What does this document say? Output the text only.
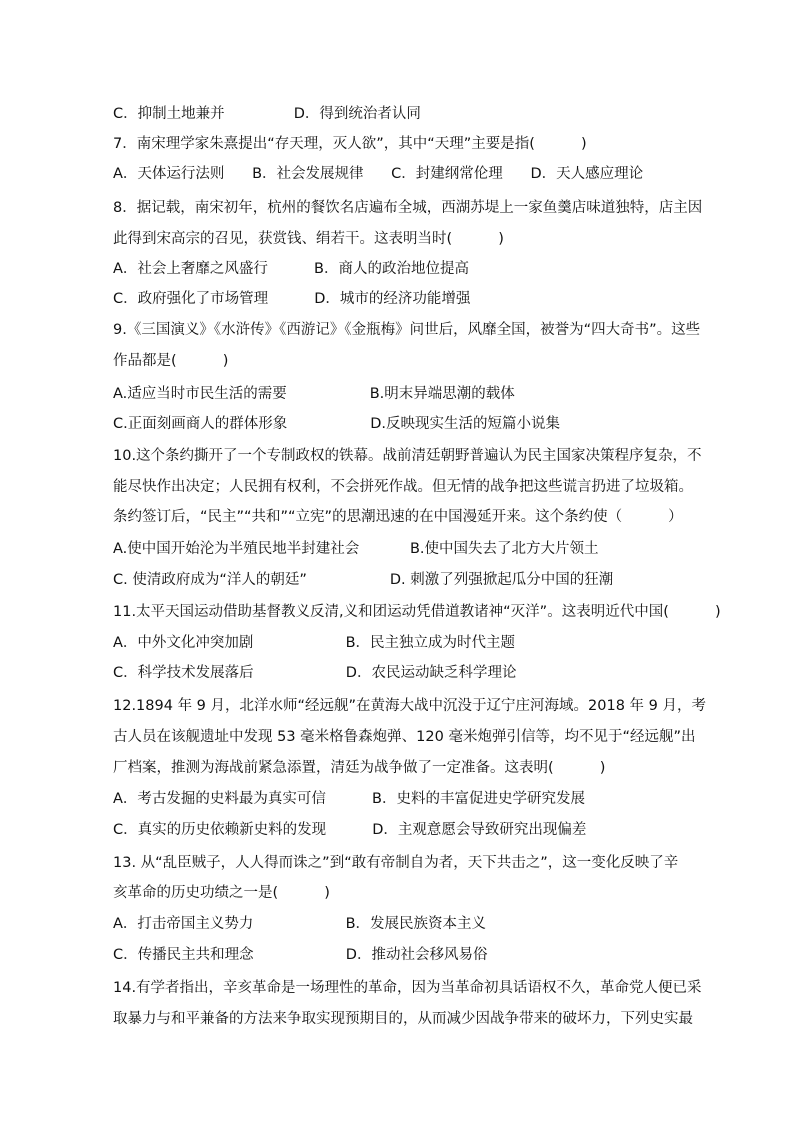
C．抑制土地兼并               D．得到统治者认同
7．南宋理学家朱熹提出“存天理，灭人欲”，其中“天理”主要是指(          )
A．天体运行法则      B．社会发展规律      C．封建纲常伦理      D．天人感应理论
8．据记载，南宋初年，杭州的餐饮名店遍布全城，西湖苏堤上一家鱼羹店味道独特，店主因
此得到宋高宗的召见，获赏钱、绢若干。这表明当时(          )
A．社会上奢靡之风盛行          B．商人的政治地位提高
C．政府强化了市场管理          D．城市的经济功能增强
9.《三国演义》《水浒传》《西游记》《金瓶梅》问世后，风靡全国，被誉为“四大奇书”。这些
作品都是(          )
A.适应当时市民生活的需要                  B.明末异端思潮的载体
C.正面刻画商人的群体形象                  D.反映现实生活的短篇小说集
10.这个条约撕开了一个专制政权的铁幕。战前清廷朝野普遍认为民主国家决策程序复杂，不
能尽快作出决定；人民拥有权利，不会拼死作战。但无情的战争把这些谎言扔进了垃圾箱。
条约签订后，“民主”“共和”“立宪”的思潮迅速的在中国漫延开来。这个条约使（          ）
A.使中国开始沦为半殖民地半封建社会           B.使中国失去了北方大片领土
C. 使清政府成为“洋人的朝廷”                  D. 刺激了列强掀起瓜分中国的狂潮
11.太平天国运动借助基督教义反清,义和团运动凭借道教诸神“灭洋”。这表明近代中国(          )
A．中外文化冲突加剧                    B．民主独立成为时代主题
C．科学技术发展落后                    D．农民运动缺乏科学理论
12.1894 年 9 月，北洋水师“经远舰”在黄海大战中沉没于辽宁庄河海域。2018 年 9 月，考
古人员在该舰遗址中发现 53 毫米格鲁森炮弹、120 毫米炮弹引信等，均不见于“经远舰”出
厂档案，推测为海战前紧急添置，清廷为战争做了一定准备。这表明(          )
A．考古发掘的史料最为真实可信          B．史料的丰富促进史学研究发展
C．真实的历史依赖新史料的发现          D．主观意愿会导致研究出现偏差
13. 从“乱臣贼子，人人得而诛之”到“敢有帝制自为者，天下共击之”，这一变化反映了辛
亥革命的历史功绩之一是(          )
A．打击帝国主义势力                    B．发展民族资本主义
C．传播民主共和理念                    D．推动社会移风易俗
14.有学者指出，辛亥革命是一场理性的革命，因为当革命初具话语权不久，革命党人便已采
取暴力与和平兼备的方法来争取实现预期目的，从而减少因战争带来的破坏力，下列史实最
